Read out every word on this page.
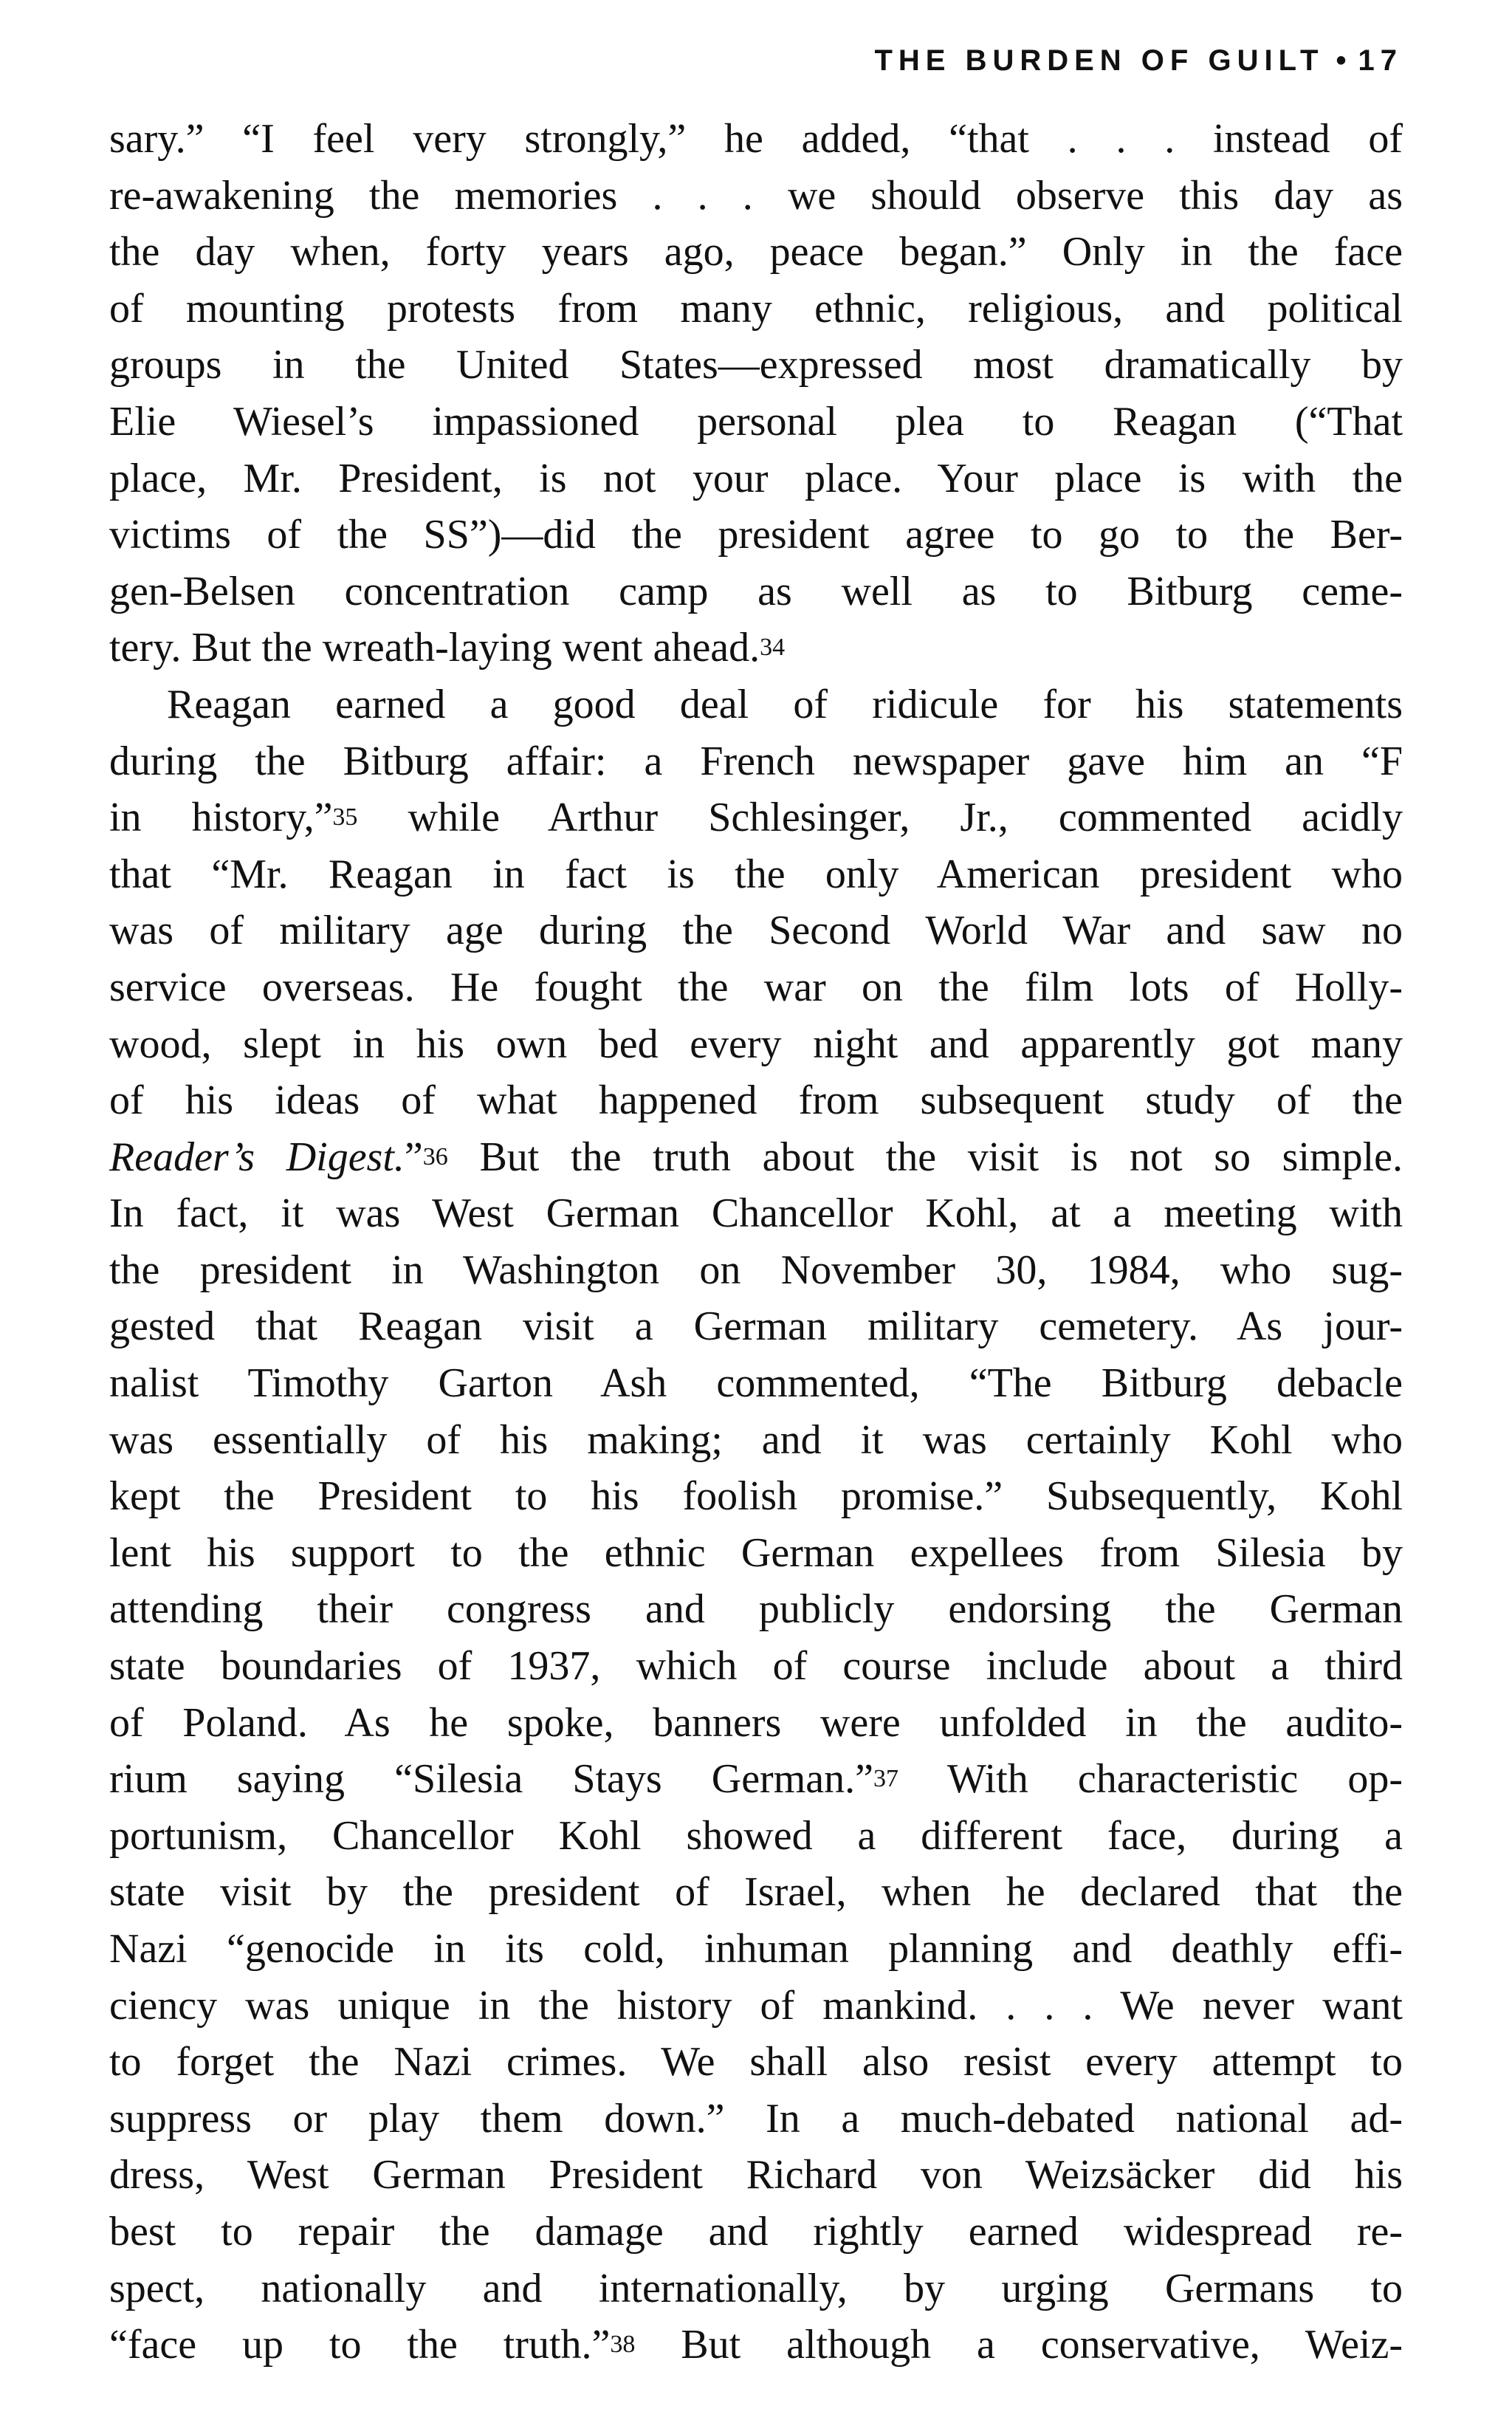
THE BURDEN OF GUILT • 17
sary.” “I feel very strongly,” he added, “that . . . instead of
re-awakening the memories . . . we should observe this day as
the day when, forty years ago, peace began.” Only in the face
of mounting protests from many ethnic, religious, and political
groups in the United States—expressed most dramatically by
Elie Wiesel’s impassioned personal plea to Reagan (“That
place, Mr. President, is not your place. Your place is with the
victims of the SS”)—did the president agree to go to the Ber-
gen-Belsen concentration camp as well as to Bitburg ceme-
tery. But the wreath-laying went ahead.$^{34}$
Reagan earned a good deal of ridicule for his statements
during the Bitburg affair: a French newspaper gave him an “F
in history,”$^{35}$ while Arthur Schlesinger, Jr., commented acidly
that “Mr. Reagan in fact is the only American president who
was of military age during the Second World War and saw no
service overseas. He fought the war on the film lots of Holly-
wood, slept in his own bed every night and apparently got many
of his ideas of what happened from subsequent study of the
Reader’s Digest.”$^{36}$ But the truth about the visit is not so simple.
In fact, it was West German Chancellor Kohl, at a meeting with
the president in Washington on November 30, 1984, who sug-
gested that Reagan visit a German military cemetery. As jour-
nalist Timothy Garton Ash commented, “The Bitburg debacle
was essentially of his making; and it was certainly Kohl who
kept the President to his foolish promise.” Subsequently, Kohl
lent his support to the ethnic German expellees from Silesia by
attending their congress and publicly endorsing the German
state boundaries of 1937, which of course include about a third
of Poland. As he spoke, banners were unfolded in the audito-
rium saying “Silesia Stays German.”$^{37}$ With characteristic op-
portunism, Chancellor Kohl showed a different face, during a
state visit by the president of Israel, when he declared that the
Nazi “genocide in its cold, inhuman planning and deathly effi-
ciency was unique in the history of mankind. . . . We never want
to forget the Nazi crimes. We shall also resist every attempt to
suppress or play them down.” In a much-debated national ad-
dress, West German President Richard von Weizsäcker did his
best to repair the damage and rightly earned widespread re-
spect, nationally and internationally, by urging Germans to
“face up to the truth.”$^{38}$ But although a conservative, Weiz-
